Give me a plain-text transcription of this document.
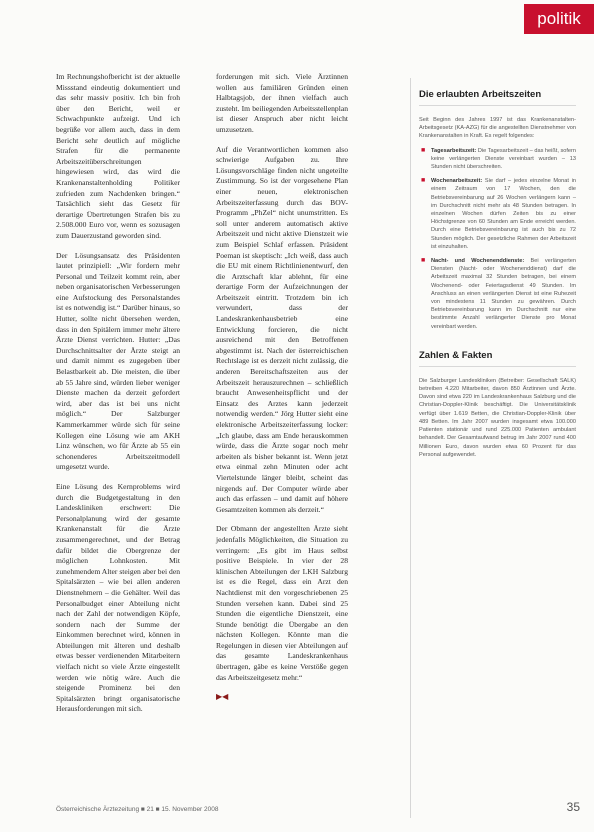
politik

Im Rechnungshofbericht ist der aktuelle Missstand eindeutig dokumentiert und das sehr massiv positiv. Ich bin froh über den Bericht, weil er Schwachpunkte aufzeigt. Und ich begrüße vor allem auch, dass in dem Bericht sehr deutlich auf mögliche Strafen für die permanente Arbeitszeitüberschreitungen hingewiesen wird, das wird die Krankenanstaltenholding Politiker zufrieden zum Nachdenken bringen.“ Tatsächlich sieht das Gesetz für derartige Übertretungen Strafen bis zu 2.508.000 Euro vor, wenn es sozusagen zum Dauerzustand geworden sind.

Der Lösungsansatz des Präsidenten lautet prinzipiell: „Wir fordern mehr Personal und Teilzeit kommt rein, aber neben organisatorischen Verbesserungen eine Aufstockung des Personalstandes ist es notwendig ist.“ Darüber hinaus, so Hutter, sollte nicht übersehen werden, dass in den Spitälern immer mehr ältere Ärzte Dienst verrichten. Hutter: „Das Durchschnittsalter der Ärzte steigt an und damit nimmt es zugegeben über Belastbarkeit ab. Die meisten, die über ab 55 Jahre sind, würden lieber weniger Dienste machen da derzeit gefordert wird, aber das ist bei uns nicht möglich.“ Der Salzburger Kammerkammer würde sich für seine Kollegen eine Lösung wie am AKH Linz wünschen, wo für Ärzte ab 55 ein schonenderes Arbeitszeitmodell umgesetzt wurde.

Eine Lösung des Kernproblems wird durch die Budgetgestaltung in den Landeskliniken erschwert: Die Personalplanung wird der gesamte Krankenanstalt für die Ärzte zusammengerechnet, und der Betrag dafür bildet die Obergrenze der möglichen Lohnkosten. Mit zunehmendem Alter steigen aber bei den Spitalsärzten – wie bei allen anderen Dienstnehmern – die Gehälter. Weil das Personalbudget einer Abteilung nicht nach der Zahl der notwendigen Köpfe, sondern nach der Summe der Einkommen berechnet wird, können in Abteilungen mit älteren und deshalb etwas besser verdienenden Mitarbeitern vielfach nicht so viele Ärzte eingestellt werden wie nötig wäre. Auch die steigende Prominenz bei den Spitalsärzten bringt organisatorische Herausforderungen mit sich.

forderungen mit sich. Viele Ärztinnen wollen aus familiären Gründen einen Halbtagsjob, der ihnen vielfach auch zusteht. Im beiliegenden Arbeitsstellenplan ist dieser Anspruch aber nicht leicht umzusetzen.

Auf die Verantwortlichen kommen also schwierige Aufgaben zu. Ihre Lösungsvorschläge finden nicht ungeteilte Zustimmung. So ist der vorgesehene Plan einer neuen, elektronischen Arbeitszeiterfassung durch das BOV-Programm „PhZel“ nicht unumstritten. Es soll unter anderem automatisch aktive Arbeitszeit und nicht aktive Dienstzeit wie zum Beispiel Schlaf erfassen. Präsident Poeman ist skeptisch: „Ich weiß, dass auch die EU mit einem Richtlinienentwurf, den die Arztschaft klar ablehnt, für eine derartige Form der Aufzeichnungen der Arbeitszeit eintritt. Trotzdem bin ich verwundert, dass der Landeskrankenhausbetrieb eine Entwicklung forcieren, die nicht ausreichend mit den Betroffenen abgestimmt ist. Nach der österreichischen Rechtslage ist es derzeit nicht zulässig, die anderen Bereitschaftszeiten aus der Arbeitszeit herauszurechnen – schließlich braucht Anwesenheitspflicht und der Einsatz des Arztes kann jederzeit notwendig werden.“ Jörg Hutter sieht eine elektronische Arbeitszeiterfassung locker: „Ich glaube, dass am Ende herauskommen würde, dass die Ärzte sogar noch mehr arbeiten als bisher bekannt ist. Wenn jetzt etwa einmal zehn Minuten oder acht Viertelstunde länger bleibt, scheint das nirgends auf. Der Computer würde aber auch das erfassen – und damit auf höhere Gesamtzeiten kommen als derzeit.“

Der Obmann der angestellten Ärzte sieht jedenfalls Möglichkeiten, die Situation zu verringern: „Es gibt im Haus selbst positive Beispiele. In vier der 28 klinischen Abteilungen der LKH Salzburg ist es die Regel, dass ein Arzt den Nachtdienst mit den vorgeschriebenen 25 Stunden versehen kann. Dabei sind 25 Stunden die eigentliche Dienstzeit, eine Stunde benötigt die Übergabe an den nächsten Kollegen. Könnte man die Regelungen in diesen vier Abteilungen auf das gesamte Landeskrankenhaus übertragen, gäbe es keine Verstöße gegen das Arbeitszeitgesetz mehr.“

▶◀
Die erlaubten Arbeitszeiten
Seit Beginn des Jahres 1997 ist das Krankenanstalten-Arbeitsgesetz (KA-AZG) für die angestellten Dienstnehmer von Krankenanstalten in Kraft. Es regelt folgendes:
■ Tagesarbeitszeit: Die Tagesarbeitszeit – das heißt, sofern keine verlängerten Dienste vereinbart wurden – 13 Stunden nicht überschreiten.
■ Wochenarbeitszeit: Sie darf – jedes einzelne Monat in einem Zeitraum von 17 Wochen, den die Betriebsvereinbarung auf 26 Wochen verlängern kann – im Durchschnitt nicht mehr als 48 Stunden betragen. In einzelnen Wochen dürfen Zeiten bis zu einer Höchstgrenze von 60 Stunden am Ende erreicht werden. Durch eine Betriebsvereinbarung ist auch bis zu 72 Stunden möglich. Der gesetzliche Rahmen der Arbeitszeit ist einzuhalten.
■ Nacht- und Wochenenddienste: Bei verlängerten Diensten (Nacht- oder Wochenenddienst) darf die Arbeitszeit maximal 32 Stunden betragen, bei einem Wochenend- oder Feiertagsdienst 49 Stunden. Im Anschluss an einen verlängerten Dienst ist eine Ruhezeit von mindestens 11 Stunden zu gewähren. Durch Betriebsvereinbarung kann im Durchschnitt nur eine bestimmte Anzahl verlängerter Dienste pro Monat vereinbart werden.
Zahlen & Fakten
Die Salzburger Landeskliniken (Betreiber: Gesellschaft SALK) betreiben 4.220 Mitarbeiter, davon 850 Ärztinnen und Ärzte. Davon sind etwa 220 im Landeskrankenhaus Salzburg und die Christian-Doppler-Klinik beschäftigt. Die Universitätsklinik verfügt über 1.619 Betten, die Christian-Doppler-Klinik über 489 Betten. Im Jahr 2007 wurden insgesamt etwa 100.000 Patienten stationär und rund 225.000 Patienten ambulant behandelt. Der Gesamtaufwand betrug im Jahr 2007 rund 400 Millionen Euro, davon wurden etwa 60 Prozent für das Personal aufgewendet.
Österreichische Ärztezeitung ■ 21 ■ 15. November 2008	35
